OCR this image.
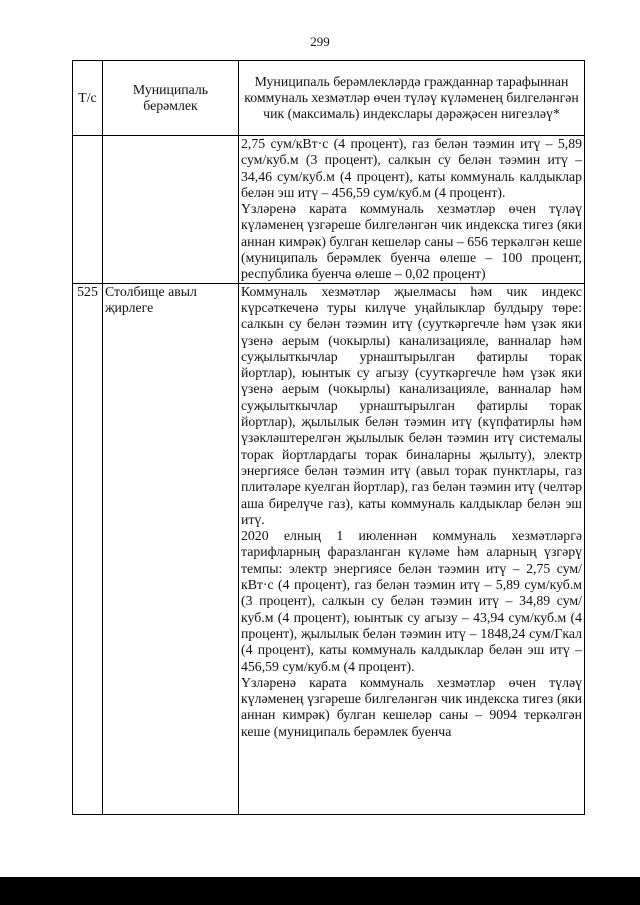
299
Т/с	Муниципаль берәмлек	Муниципаль берәмлекләрдә гражданнар тарафыннан коммуналь хезмәтләр өчен түләү күләменең билгеләнгән чик (максималь) индекслары дәрәҗәсен нигезләү*

		2,75 сум/кВт·с (4 процент), газ белән тәэмин итү – 5,89 сум/куб.м (3 процент), салкын су белән тәэмин итү – 34,46 сум/куб.м (4 процент), каты коммуналь калдыклар белән эш итү – 456,59 сум/куб.м (4 процент).

Үзләренә карата коммуналь хезмәтләр өчен түләү күләменең үзгәреше билгеләнгән чик индекска тигез (яки аннан кимрәк) булган кешеләр саны – 656 теркәлгән кеше (муниципаль берәмлек буенча өлеше – 100 процент, республика буенча өлеше – 0,02 процент)

525	Столбище авыл җирлеге	Коммуналь хезмәтләр җыелмасы һәм чик индекс күрсәткеченә туры килүче уңайлыклар булдыру төре: салкын су белән тәэмин итү (сууткәргечле һәм үзәк яки үзенә аерым (чокырлы) канализацияле, ванналар һәм суҗылыткычлар урнаштырылган фатирлы торак йортлар), юынтык су агызу (сууткәргечле һәм үзәк яки үзенә аерым (чокырлы) канализацияле, ванналар һәм суҗылыткычлар урнаштырылган фатирлы торак йортлар), җылылык белән тәэмин итү (күпфатирлы һәм үзәкләштерелгән җылылык белән тәэмин итү системалы торак йортлардагы торак биналарны җылыту), электр энергиясе белән тәэмин итү (авыл торак пунктлары, газ плитәләре куелган йортлар), газ белән тәэмин итү (челтәр аша бирелүче газ), каты коммуналь калдыклар белән эш итү.

2020 елның 1 июленнән коммуналь хезмәтләргә тарифларның фаразланган күләме һәм аларның үзгәрү темпы: электр энергиясе белән тәэмин итү – 2,75 сум/кВт·с (4 процент), газ белән тәэмин итү – 5,89 сум/куб.м (3 процент), салкын су белән тәэмин итү – 34,89 сум/куб.м (4 процент), юынтык су агызу – 43,94 сум/куб.м (4 процент), җылылык белән тәэмин итү – 1848,24 сум/Гкал (4 процент), каты коммуналь калдыклар белән эш итү – 456,59 сум/куб.м (4 процент).

Үзләренә карата коммуналь хезмәтләр өчен түләү күләменең үзгәреше билгеләнгән чик индекска тигез (яки аннан кимрәк) булган кешеләр саны – 9094 теркәлгән кеше (муниципаль берәмлек буенча
